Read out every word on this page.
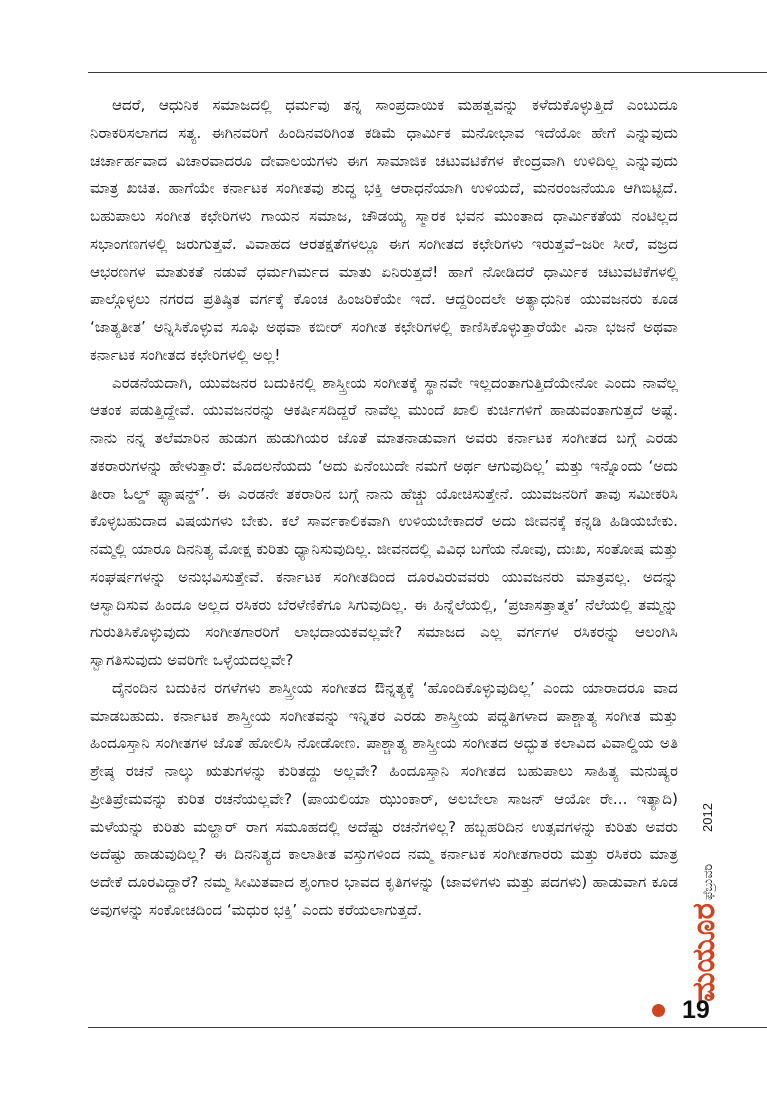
ಆದರೆ, ಆಧುನಿಕ ಸಮಾಜದಲ್ಲಿ ಧರ್ಮವು ತನ್ನ ಸಾಂಪ್ರದಾಯಿಕ ಮಹತ್ವವನ್ನು ಕಳೆದುಕೊಳ್ಳುತ್ತಿದೆ ಎಂಬುದೂ ನಿರಾಕರಿಸಲಾಗದ ಸತ್ಯ. ಈಗಿನವರಿಗೆ ಹಿಂದಿನವರಿಗಿಂತ ಕಡಿಮೆ ಧಾರ್ಮಿಕ ಮನೋಭಾವ ಇದೆಯೋ ಹೇಗೆ ಎನ್ನುವುದು ಚರ್ಚಾರ್ಹವಾದ ವಿಚಾರವಾದರೂ ದೇವಾಲಯಗಳು ಈಗ ಸಾಮಾಜಿಕ ಚಟುವಟಿಕೆಗಳ ಕೇಂದ್ರವಾಗಿ ಉಳಿದಿಲ್ಲ ಎನ್ನುವುದು ಮಾತ್ರ ಖಚಿತ. ಹಾಗೆಯೇ ಕರ್ನಾಟಕ ಸಂಗೀತವು ಶುದ್ಧ ಭಕ್ತಿ ಆರಾಧನೆಯಾಗಿ ಉಳಿಯದೆ, ಮನರಂಜನೆಯೂ ಆಗಿಬಿಟ್ಟಿದೆ. ಬಹುಪಾಲು ಸಂಗೀತ ಕಛೇರಿಗಳು ಗಾಯನ ಸಮಾಜ, ಚೌಡಯ್ಯ ಸ್ಮಾರಕ ಭವನ ಮುಂತಾದ ಧಾರ್ಮಿಕತೆಯ ನಂಟಿಲ್ಲದ ಸಭಾಂಗಣಗಳಲ್ಲಿ ಜರುಗುತ್ತವೆ. ವಿವಾಹದ ಆರತಕ್ಷತೆಗಳಲ್ಲೂ ಈಗ ಸಂಗೀತದ ಕಛೇರಿಗಳು ಇರುತ್ತವೆ–ಜರೀ ಸೀರೆ, ವಜ್ರದ ಆಭರಣಗಳ ಮಾತುಕತೆ ನಡುವೆ ಧರ್ಮಗಿರ್ಮದ ಮಾತು ಏನಿರುತ್ತದೆ! ಹಾಗೆ ನೋಡಿದರೆ ಧಾರ್ಮಿಕ ಚಟುವಟಿಕೆಗಳಲ್ಲಿ ಪಾಲ್ಗೊಳ್ಳಲು ನಗರದ ಪ್ರತಿಷ್ಠಿತ ವರ್ಗಕ್ಕೆ ಕೊಂಚ ಹಿಂಜರಿಕೆಯೇ ಇದೆ. ಆದ್ದರಿಂದಲೇ ಅತ್ಯಾಧುನಿಕ ಯುವಜನರು ಕೂಡ ‘ಜಾತ್ಯತೀತ’ ಅನ್ನಿಸಿಕೊಳ್ಳುವ ಸೂಫಿ ಅಥವಾ ಕಬೀರ್ ಸಂಗೀತ ಕಛೇರಿಗಳಲ್ಲಿ ಕಾಣಿಸಿಕೊಳ್ಳುತ್ತಾರೆಯೇ ವಿನಾ ಭಜನೆ ಅಥವಾ ಕರ್ನಾಟಕ ಸಂಗೀತದ ಕಛೇರಿಗಳಲ್ಲಿ ಅಲ್ಲ!

ಎರಡನೆಯದಾಗಿ, ಯುವಜನರ ಬದುಕಿನಲ್ಲಿ ಶಾಸ್ತ್ರೀಯ ಸಂಗೀತಕ್ಕೆ ಸ್ಥಾನವೇ ಇಲ್ಲದಂತಾಗುತ್ತಿದೆಯೇನೋ ಎಂದು ನಾವೆಲ್ಲ ಆತಂಕ ಪಡುತ್ತಿದ್ದೇವೆ. ಯುವಜನರನ್ನು ಆಕರ್ಷಿಸದಿದ್ದರೆ ನಾವೆಲ್ಲ ಮುಂದೆ ಖಾಲಿ ಕುರ್ಚಿಗಳಿಗೆ ಹಾಡುವಂತಾಗುತ್ತದೆ ಅಷ್ಟೆ. ನಾನು ನನ್ನ ತಲೆಮಾರಿನ ಹುಡುಗ ಹುಡುಗಿಯರ ಜೊತೆ ಮಾತನಾಡುವಾಗ ಅವರು ಕರ್ನಾಟಕ ಸಂಗೀತದ ಬಗ್ಗೆ ಎರಡು ತಕರಾರುಗಳನ್ನು ಹೇಳುತ್ತಾರೆ: ಮೊದಲನೆಯದು ‘ಅದು ಏನೆಂಬುದೇ ನಮಗೆ ಅರ್ಥ ಆಗುವುದಿಲ್ಲ’ ಮತ್ತು ಇನ್ನೊಂದು ‘ಅದು ತೀರಾ ಓಲ್ಡ್ ಫ್ಯಾಷನ್ಡ್’. ಈ ಎರಡನೇ ತಕರಾರಿನ ಬಗ್ಗೆ ನಾನು ಹೆಚ್ಚು ಯೋಚಿಸುತ್ತೇನೆ. ಯುವಜನರಿಗೆ ತಾವು ಸಮೀಕರಿಸಿ ಕೊಳ್ಳಬಹುದಾದ ವಿಷಯಗಳು ಬೇಕು. ಕಲೆ ಸಾರ್ವಕಾಲಿಕವಾಗಿ ಉಳಿಯಬೇಕಾದರೆ ಅದು ಜೀವನಕ್ಕೆ ಕನ್ನಡಿ ಹಿಡಿಯಬೇಕು. ನಮ್ಮಲ್ಲಿ ಯಾರೂ ದಿನನಿತ್ಯ ಮೋಕ್ಷ ಕುರಿತು ಧ್ಯಾನಿಸುವುದಿಲ್ಲ. ಜೀವನದಲ್ಲಿ ವಿವಿಧ ಬಗೆಯ ನೋವು, ದುಃಖ, ಸಂತೋಷ ಮತ್ತು ಸಂಘರ್ಷಗಳನ್ನು ಅನುಭವಿಸುತ್ತೇವೆ. ಕರ್ನಾಟಕ ಸಂಗೀತದಿಂದ ದೂರವಿರುವವರು ಯುವಜನರು ಮಾತ್ರವಲ್ಲ. ಅದನ್ನು ಆಸ್ವಾದಿಸುವ ಹಿಂದೂ ಅಲ್ಲದ ರಸಿಕರು ಬೆರಳೆಣಿಕೆಗೂ ಸಿಗುವುದಿಲ್ಲ. ಈ ಹಿನ್ನೆಲೆಯಲ್ಲಿ, ‘ಪ್ರಜಾಸತ್ತಾತ್ಮಕ’ ನೆಲೆಯಲ್ಲಿ ತಮ್ಮನ್ನು ಗುರುತಿಸಿಕೊಳ್ಳುವುದು ಸಂಗೀತಗಾರರಿಗೆ ಲಾಭದಾಯಕವಲ್ಲವೇ? ಸಮಾಜದ ಎಲ್ಲ ವರ್ಗಗಳ ರಸಿಕರನ್ನು ಆಲಂಗಿಸಿ ಸ್ವಾಗತಿಸುವುದು ಅವರಿಗೇ ಒಳ್ಳೆಯದಲ್ಲವೇ?

ದೈನಂದಿನ ಬದುಕಿನ ರಗಳೆಗಳು ಶಾಸ್ತ್ರೀಯ ಸಂಗೀತದ ಔನ್ನತ್ಯಕ್ಕೆ ‘ಹೊಂದಿಕೊಳ್ಳುವುದಿಲ್ಲ’ ಎಂದು ಯಾರಾದರೂ ವಾದ ಮಾಡಬಹುದು. ಕರ್ನಾಟಕ ಶಾಸ್ತ್ರೀಯ ಸಂಗೀತವನ್ನು ಇನ್ನಿತರ ಎರಡು ಶಾಸ್ತ್ರೀಯ ಪದ್ಧತಿಗಳಾದ ಪಾಶ್ಚಾತ್ಯ ಸಂಗೀತ ಮತ್ತು ಹಿಂದೂಸ್ತಾನಿ ಸಂಗೀತಗಳ ಜೊತೆ ಹೋಲಿಸಿ ನೋಡೋಣ. ಪಾಶ್ಚಾತ್ಯ ಶಾಸ್ತ್ರೀಯ ಸಂಗೀತದ ಅದ್ಭುತ ಕಲಾವಿದ ವಿವಾಲ್ಡಿಯ ಅತಿ ಶ್ರೇಷ್ಠ ರಚನೆ ನಾಲ್ಕು ಋತುಗಳನ್ನು ಕುರಿತದ್ದು ಅಲ್ಲವೇ? ಹಿಂದೂಸ್ತಾನಿ ಸಂಗೀತದ ಬಹುಪಾಲು ಸಾಹಿತ್ಯ ಮನುಷ್ಯರ ಪ್ರೀತಿಪ್ರೇಮವನ್ನು ಕುರಿತ ರಚನೆಯಲ್ಲವೇ? (ಪಾಯಲಿಯಾ ಝುಂಕಾರ್, ಅಲಬೇಲಾ ಸಾಜನ್ ಆಯೋ ರೇ... ಇತ್ಯಾದಿ) ಮಳೆಯನ್ನು ಕುರಿತು ಮಲ್ಹಾರ್ ರಾಗ ಸಮೂಹದಲ್ಲಿ ಅದೆಷ್ಟು ರಚನೆಗಳಿಲ್ಲ? ಹಬ್ಬಹರಿದಿನ ಉತ್ಸವಗಳನ್ನು ಕುರಿತು ಅವರು ಅದೆಷ್ಟು ಹಾಡುವುದಿಲ್ಲ? ಈ ದಿನನಿತ್ಯದ ಕಾಲಾತೀತ ವಸ್ತುಗಳಿಂದ ನಮ್ಮ ಕರ್ನಾಟಕ ಸಂಗೀತಗಾರರು ಮತ್ತು ರಸಿಕರು ಮಾತ್ರ ಅದೇಕೆ ದೂರವಿದ್ದಾರೆ? ನಮ್ಮ ಸೀಮಿತವಾದ ಶೃಂಗಾರ ಭಾವದ ಕೃತಿಗಳನ್ನು (ಜಾವಳಿಗಳು ಮತ್ತು ಪದಗಳು) ಹಾಡುವಾಗ ಕೂಡ ಅವುಗಳನ್ನು ಸಂಕೋಚದಿಂದ ‘ಮಧುರ ಭಕ್ತಿ’ ಎಂದು ಕರೆಯಲಾಗುತ್ತದೆ.	ಮಯೂರ
ಫೆಬ್ರುವರಿ
2012
19
